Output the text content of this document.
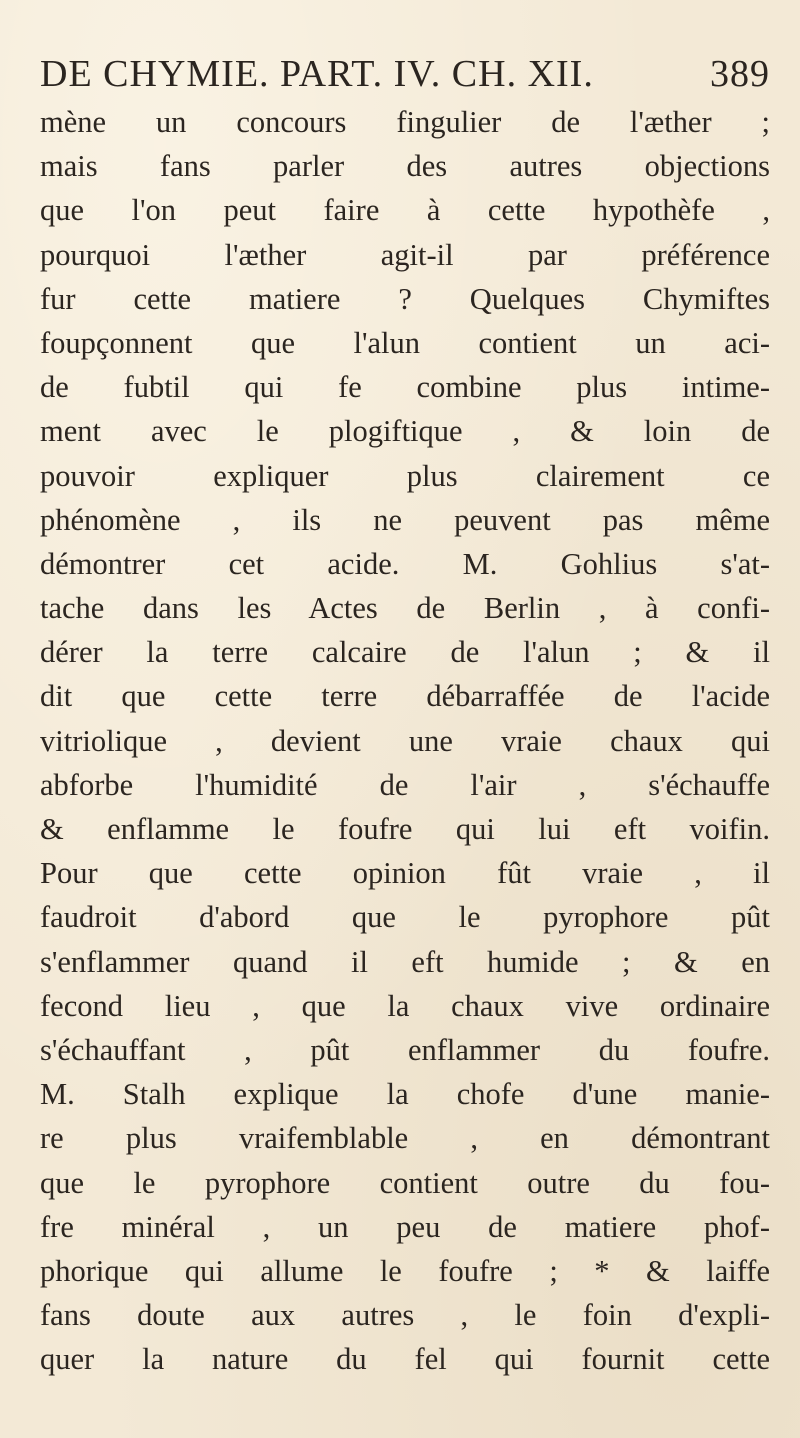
DE CHYMIE. PART. IV. CH. XII.	389
mène un concours fingulier de l'æther ;
mais fans parler des autres objections
que l'on peut faire à cette hypothèfe ,
pourquoi l'æther agit-il par préférence
fur cette matiere ? Quelques Chymiftes
foupçonnent que l'alun contient un aci-
de fubtil qui fe combine plus intime-
ment avec le plogiftique , & loin de
pouvoir expliquer plus clairement ce
phénomène , ils ne peuvent pas même
démontrer cet acide. M. Gohlius s'at-
tache dans les Actes de Berlin , à confi-
dérer la terre calcaire de l'alun ; & il
dit que cette terre débarraffée de l'acide
vitriolique , devient une vraie chaux qui
abforbe l'humidité de l'air , s'échauffe
& enflamme le foufre qui lui eft voifin.
Pour que cette opinion fût vraie , il
faudroit d'abord que le pyrophore pût
s'enflammer quand il eft humide ; & en
fecond lieu , que la chaux vive ordinaire
s'échauffant , pût enflammer du foufre.
M. Stalh explique la chofe d'une manie-
re plus vraifemblable , en démontrant
que le pyrophore contient outre du fou-
fre minéral , un peu de matiere phof-
phorique qui allume le foufre ; * & laiffe
fans doute aux autres , le foin d'expli-
quer la nature du fel qui fournit cette
